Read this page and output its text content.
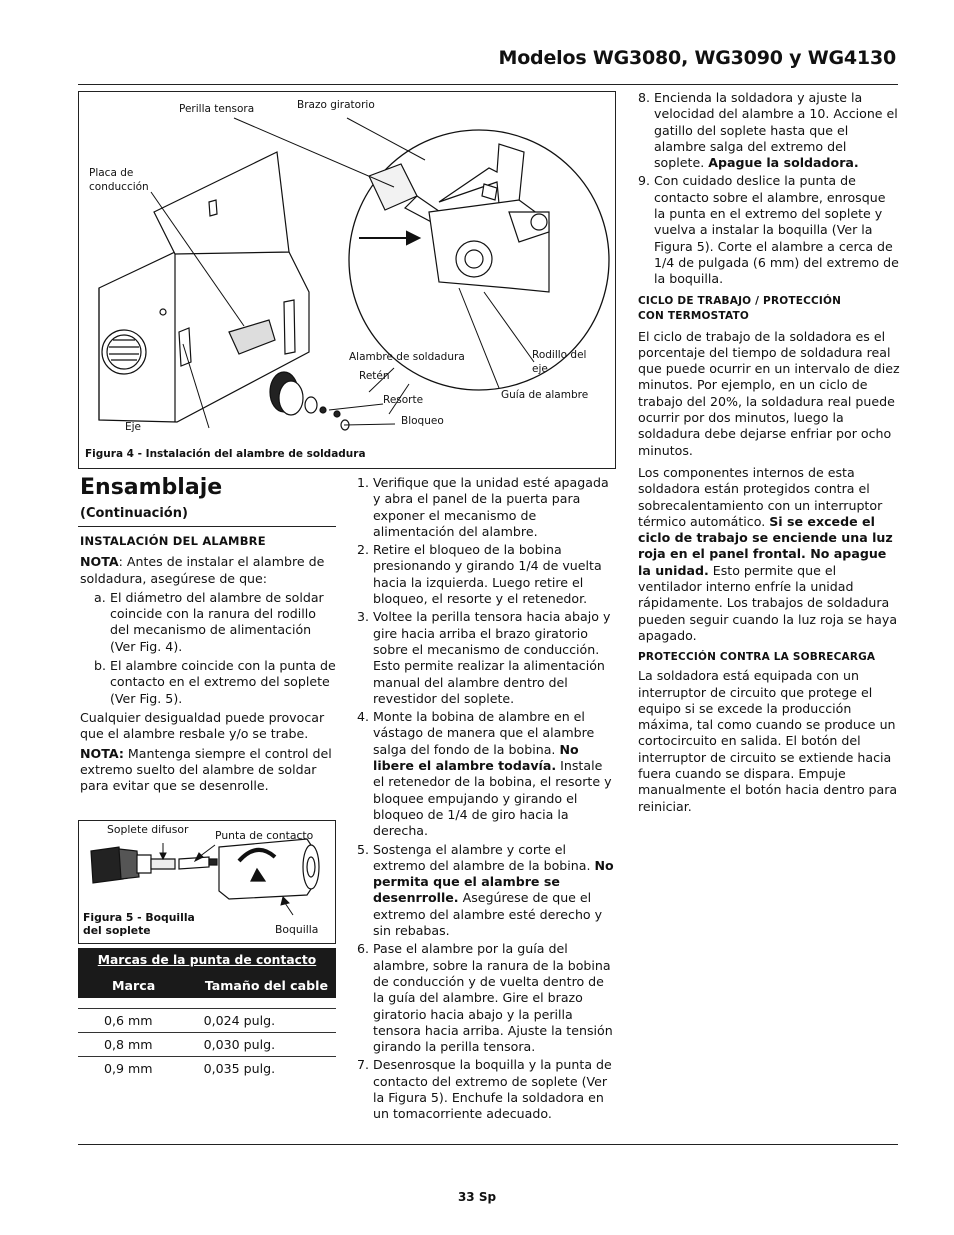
Modelos WG3080, WG3090 y WG4130
Perilla tensora	Brazo giratorio
Placa de conducción
Alambre de soldadura
Retén
Resorte
Bloqueo
Eje
Rodillo del eje
Guía de alambre
Figura 4 - Instalación del alambre de soldadura
Ensamblaje
(Continuación)
INSTALACIÓN DEL ALAMBRE

NOTA: Antes de instalar el alambre de soldadura, asegúrese de que:

a. El diámetro del alambre de soldar coincide con la ranura del rodillo del mecanismo de alimentación (Ver Fig. 4).
b. El alambre coincide con la punta de contacto en el extremo del soplete (Ver Fig. 5).

Cualquier desigualdad puede provocar que el alambre resbale y/o se trabe.

NOTA: Mantenga siempre el control del extremo suelto del alambre de soldar para evitar que se desenrolle.

Soplete difusor Punta de contacto
Boquilla
Figura 5 - Boquilla del soplete
Marcas de la punta de contacto	
Marca	Tamaño del cable

0,6 mm	0,024 pulg.
0,8 mm	0,030 pulg.
0,9 mm	0,035 pulg.
1. Verifique que la unidad esté apagada y abra el panel de la puerta para exponer el mecanismo de alimentación del alambre.
2. Retire el bloqueo de la bobina presionando y girando 1/4 de vuelta hacia la izquierda. Luego retire el bloqueo, el resorte y el retenedor.
3. Voltee la perilla tensora hacia abajo y gire hacia arriba el brazo giratorio sobre el mecanismo de conducción. Esto permite realizar la alimentación manual del alambre dentro del revestidor del soplete.
4. Monte la bobina de alambre en el vástago de manera que el alambre salga del fondo de la bobina. No libere el alambre todavía. Instale el retenedor de la bobina, el resorte y bloquee empujando y girando el bloqueo de 1/4 de giro hacia la derecha.
5. Sostenga el alambre y corte el extremo del alambre de la bobina. No permita que el alambre se desenrrolle. Asegúrese de que el extremo del alambre esté derecho y sin rebabas.
6. Pase el alambre por la guía del alambre, sobre la ranura de la bobina de conducción y de vuelta dentro de la guía del alambre. Gire el brazo giratorio hacia abajo y la perilla tensora hacia arriba. Ajuste la tensión girando la perilla tensora.
7. Desenrosque la boquilla y la punta de contacto del extremo de soplete (Ver la Figura 5). Enchufe la soldadora en un tomacorriente adecuado.
8. Encienda la soldadora y ajuste la velocidad del alambre a 10. Accione el gatillo del soplete hasta que el alambre salga del extremo del soplete. Apague la soldadora.
9. Con cuidado deslice la punta de contacto sobre el alambre, enrosque la punta en el extremo del soplete y vuelva a instalar la boquilla (Ver la Figura 5). Corte el alambre a cerca de 1/4 de pulgada (6 mm) del extremo de la boquilla.
CICLO DE TRABAJO / PROTECCIÓN CON TERMOSTATO

El ciclo de trabajo de la soldadora es el porcentaje del tiempo de soldadura real que puede ocurrir en un intervalo de diez minutos. Por ejemplo, en un ciclo de trabajo del 20%, la soldadura real puede ocurrir por dos minutos, luego la soldadura debe dejarse enfriar por ocho minutos.

Los componentes internos de esta soldadora están protegidos contra el sobrecalentamiento con un interruptor térmico automático. Si se excede el ciclo de trabajo se enciende una luz roja en el panel frontal. No apague la unidad. Esto permite que el ventilador interno enfríe la unidad rápidamente. Los trabajos de soldadura pueden seguir cuando la luz roja se haya apagado.

PROTECCIÓN CONTRA LA SOBRECARGA

La soldadora está equipada con un interruptor de circuito que protege el equipo si se excede la producción máxima, tal como cuando se produce un cortocircuito en salida. El botón del interruptor de circuito se extiende hacia fuera cuando se dispara. Empuje manualmente el botón hacia dentro para reiniciar.

33 Sp
